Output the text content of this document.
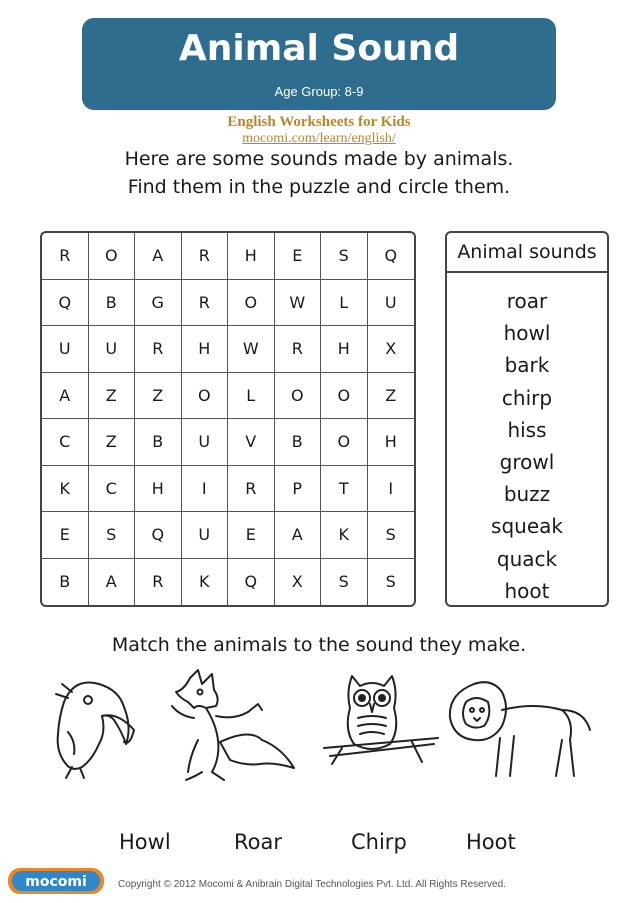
Animal Sound
Age Group: 8-9
English Worksheets for Kids
mocomi.com/learn/english/
Here are some sounds made by animals.
Find them in the puzzle and circle them.
R	O	A	R	H	E	S	Q
Q	B	G	R	O	W	L	U
U	U	R	H	W	R	H	X
A	Z	Z	O	L	O	O	Z
C	Z	B	U	V	B	O	H
K	C	H	I	R	P	T	I
E	S	Q	U	E	A	K	S
B	A	R	K	Q	X	S	S
Animal sounds
roar
howl
bark
chirp
hiss
growl
buzz
squeak
quack
hoot
Match the animals to the sound they make.
Howl	Roar	Chirp	Hoot
mocomi	Copyright © 2012 Mocomi & Anibrain Digital Technologies Pvt. Ltd. All Rights Reserved.
